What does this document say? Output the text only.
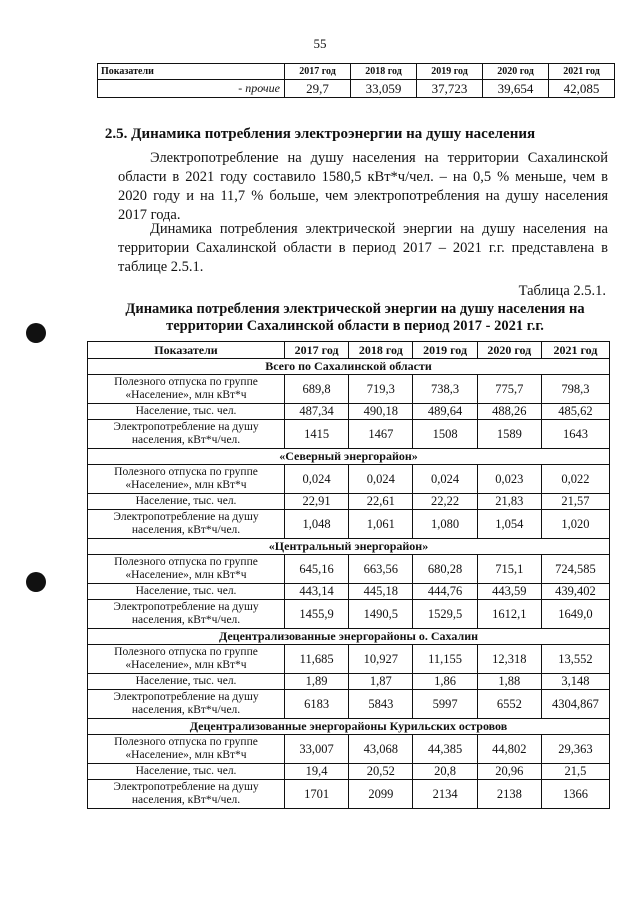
55
Показатели	2017 год	2018 год	2019 год	2020 год	2021 год
- прочие	29,7	33,059	37,723	39,654	42,085
2.5. Динамика потребления электроэнергии на душу населения
Электропотребление на душу населения на территории Сахалинской области в 2021 году составило 1580,5 кВт*ч/чел. – на 0,5 % меньше, чем в 2020 году и на 11,7 % больше, чем электропотребления на душу населения 2017 года.
Динамика потребления электрической энергии на душу населения на территории Сахалинской области в период 2017 – 2021 г.г. представлена в таблице 2.5.1.
Таблица 2.5.1.
Динамика потребления электрической энергии на душу населения на территории Сахалинской области в период 2017 - 2021 г.г.
Показатели	2017 год	2018 год	2019 год	2020 год	2021 год
Всего по Сахалинской области					
Полезного отпуска по группе «Население», млн кВт*ч	689,8	719,3	738,3	775,7	798,3
Население, тыс. чел.	487,34	490,18	489,64	488,26	485,62
Электропотребление на душу населения, кВт*ч/чел.	1415	1467	1508	1589	1643
«Северный энергорайон»					
Полезного отпуска по группе «Население», млн кВт*ч	0,024	0,024	0,024	0,023	0,022
Население, тыс. чел.	22,91	22,61	22,22	21,83	21,57
Электропотребление на душу населения, кВт*ч/чел.	1,048	1,061	1,080	1,054	1,020
«Центральный энергорайон»					
Полезного отпуска по группе «Население», млн кВт*ч	645,16	663,56	680,28	715,1	724,585
Население, тыс. чел.	443,14	445,18	444,76	443,59	439,402
Электропотребление на душу населения, кВт*ч/чел.	1455,9	1490,5	1529,5	1612,1	1649,0
Децентрализованные энергорайоны о. Сахалин					
Полезного отпуска по группе «Население», млн кВт*ч	11,685	10,927	11,155	12,318	13,552
Население, тыс. чел.	1,89	1,87	1,86	1,88	3,148
Электропотребление на душу населения, кВт*ч/чел.	6183	5843	5997	6552	4304,867
Децентрализованные энергорайоны Курильских островов					
Полезного отпуска по группе «Население», млн кВт*ч	33,007	43,068	44,385	44,802	29,363
Население, тыс. чел.	19,4	20,52	20,8	20,96	21,5
Электропотребление на душу населения, кВт*ч/чел.	1701	2099	2134	2138	1366
